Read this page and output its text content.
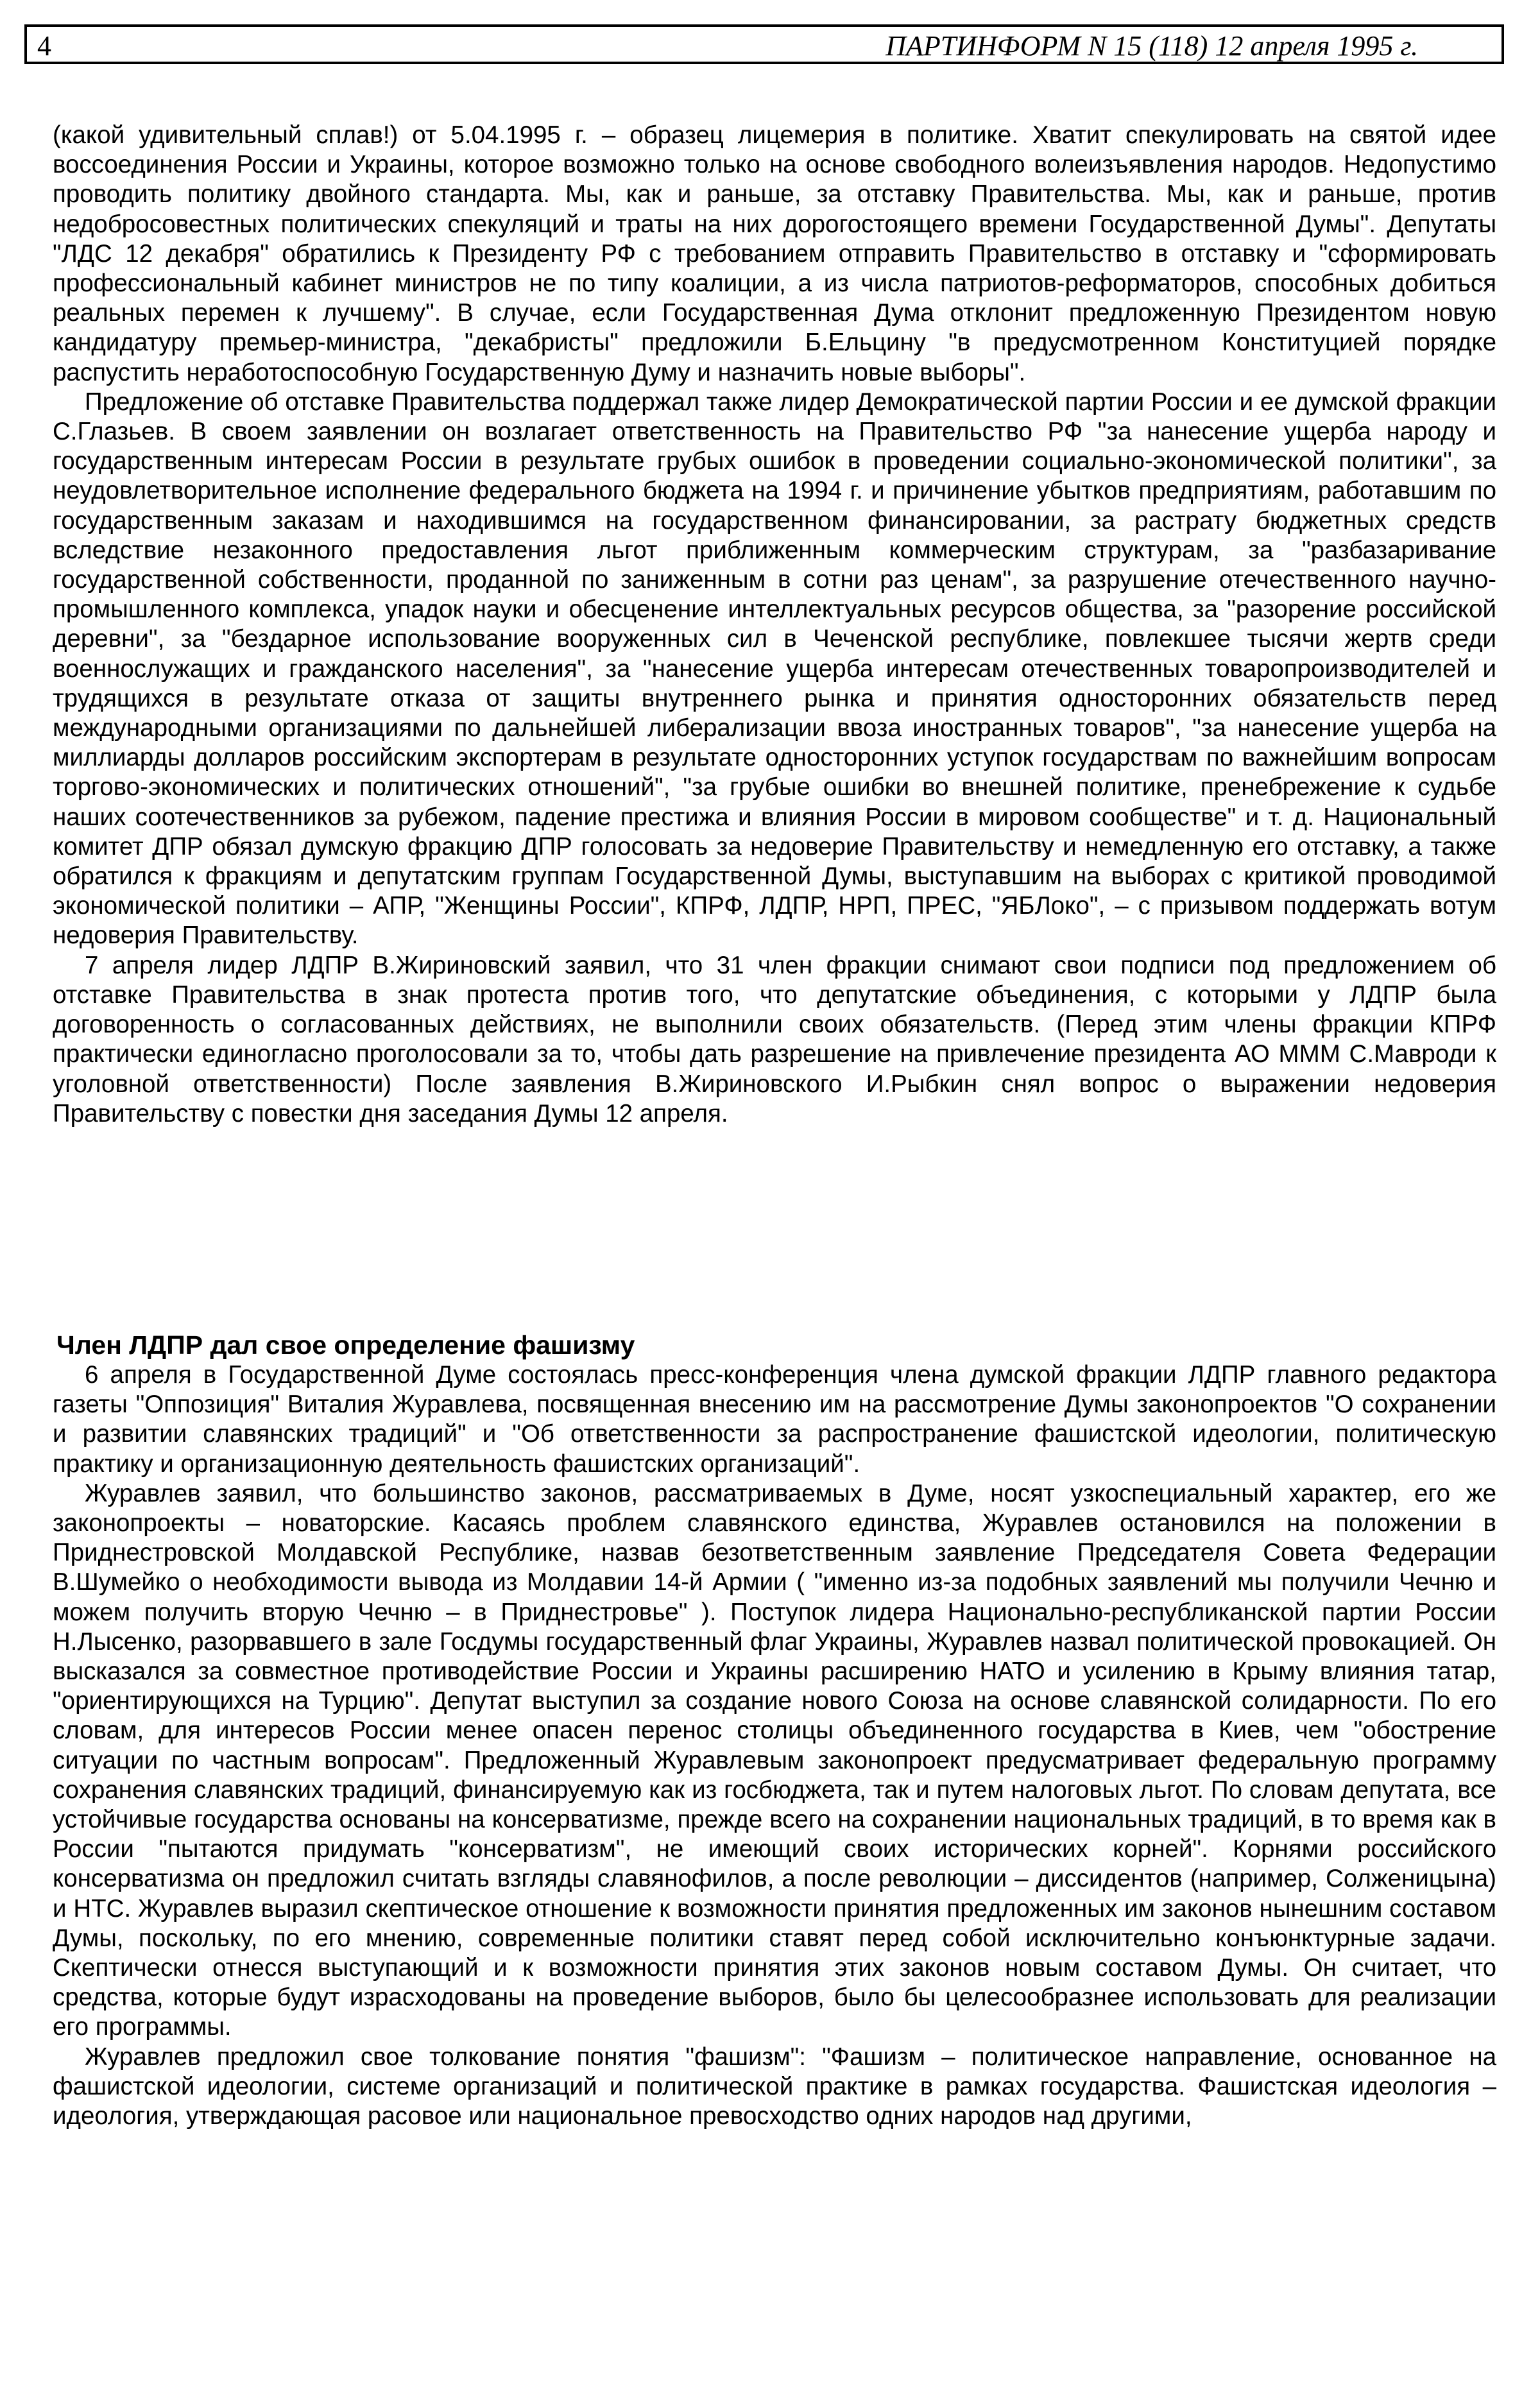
4	ПАРТИНФОРМ N 15 (118) 12 апреля 1995 г.

(какой удивительный сплав!) от 5.04.1995 г. – образец лицемерия в политике. Хватит спекулировать на святой идее воссоединения России и Украины, которое возможно только на основе свободного волеизъявления народов. Недопустимо проводить политику двойного стандарта. Мы, как и раньше, за отставку Правительства. Мы, как и раньше, против недобросовестных политических спекуляций и траты на них дорогостоящего времени Государственной Думы". Депутаты "ЛДС 12 декабря" обратились к Президенту РФ с требованием отправить Правительство в отставку и "сформировать профессиональный кабинет министров не по типу коалиции, а из числа патриотов-реформаторов, способных добиться реальных перемен к лучшему". В случае, если Государственная Дума отклонит предложенную Президентом новую кандидатуру премьер-министра, "декабристы" предложили Б.Ельцину "в предусмотренном Конституцией порядке распустить неработоспособную Государственную Думу и назначить новые выборы".

Предложение об отставке Правительства поддержал также лидер Демократической партии России и ее думской фракции С.Глазьев. В своем заявлении он возлагает ответственность на Правительство РФ "за нанесение ущерба народу и государственным интересам России в результате грубых ошибок в проведении социально-экономической политики", за неудовлетворительное исполнение федерального бюджета на 1994 г. и причинение убытков предприятиям, работавшим по государственным заказам и находившимся на государственном финансировании, за растрату бюджетных средств вследствие незаконного предоставления льгот приближенным коммерческим структурам, за "разбазаривание государственной собственности, проданной по заниженным в сотни раз ценам", за разрушение отечественного научно-промышленного комплекса, упадок науки и обесценение интеллектуальных ресурсов общества, за "разорение российской деревни", за "бездарное использование вооруженных сил в Чеченской республике, повлекшее тысячи жертв среди военнослужащих и гражданского населения", за "нанесение ущерба интересам отечественных товаропроизводителей и трудящихся в результате отказа от защиты внутреннего рынка и принятия односторонних обязательств перед международными организациями по дальнейшей либерализации ввоза иностранных товаров", "за нанесение ущерба на миллиарды долларов российским экспортерам в результате односторонних уступок государствам по важнейшим вопросам торгово-экономических и политических отношений", "за грубые ошибки во внешней политике, пренебрежение к судьбе наших соотечественников за рубежом, падение престижа и влияния России в мировом сообществе" и т. д. Национальный комитет ДПР обязал думскую фракцию ДПР голосовать за недоверие Правительству и немедленную его отставку, а также обратился к фракциям и депутатским группам Государственной Думы, выступавшим на выборах с критикой проводимой экономической политики – АПР, "Женщины России", КПРФ, ЛДПР, НРП, ПРЕС, "ЯБЛоко", – с призывом поддержать вотум недоверия Правительству.

7 апреля лидер ЛДПР В.Жириновский заявил, что 31 член фракции снимают свои подписи под предложением об отставке Правительства в знак протеста против того, что депутатские объединения, с которыми у ЛДПР была договоренность о согласованных действиях, не выполнили своих обязательств. (Перед этим члены фракции КПРФ практически единогласно проголосовали за то, чтобы дать разрешение на привлечение президента АО МММ С.Мавроди к уголовной ответственности) После заявления В.Жириновского И.Рыбкин снял вопрос о выражении недоверия Правительству с повестки дня заседания Думы 12 апреля.

Член ЛДПР дал свое определение фашизму

6 апреля в Государственной Думе состоялась пресс-конференция члена думской фракции ЛДПР главного редактора газеты "Оппозиция" Виталия Журавлева, посвященная внесению им на рассмотрение Думы законопроектов "О сохранении и развитии славянских традиций" и "Об ответственности за распространение фашистской идеологии, политическую практику и организационную деятельность фашистских организаций".

Журавлев заявил, что большинство законов, рассматриваемых в Думе, носят узкоспециальный характер, его же законопроекты – новаторские. Касаясь проблем славянского единства, Журавлев остановился на положении в Приднестровской Молдавской Республике, назвав безответственным заявление Председателя Совета Федерации В.Шумейко о необходимости вывода из Молдавии 14-й Армии ( "именно из-за подобных заявлений мы получили Чечню и можем получить вторую Чечню – в Приднестровье" ). Поступок лидера Национально-республиканской партии России Н.Лысенко, разорвавшего в зале Госдумы государственный флаг Украины, Журавлев назвал политической провокацией. Он высказался за совместное противодействие России и Украины расширению НАТО и усилению в Крыму влияния татар, "ориентирующихся на Турцию". Депутат выступил за создание нового Союза на основе славянской солидарности. По его словам, для интересов России менее опасен перенос столицы объединенного государства в Киев, чем "обострение ситуации по частным вопросам". Предложенный Журавлевым законопроект предусматривает федеральную программу сохранения славянских традиций, финансируемую как из госбюджета, так и путем налоговых льгот. По словам депутата, все устойчивые государства основаны на консерватизме, прежде всего на сохранении национальных традиций, в то время как в России "пытаются придумать "консерватизм", не имеющий своих исторических корней". Корнями российского консерватизма он предложил считать взгляды славянофилов, а после революции – диссидентов (например, Солженицына) и НТС. Журавлев выразил скептическое отношение к возможности принятия предложенных им законов нынешним составом Думы, поскольку, по его мнению, современные политики ставят перед собой исключительно конъюнктурные задачи. Скептически отнесся выступающий и к возможности принятия этих законов новым составом Думы. Он считает, что средства, которые будут израсходованы на проведение выборов, было бы целесообразнее использовать для реализации его программы.

Журавлев предложил свое толкование понятия "фашизм": "Фашизм – политическое направление, основанное на фашистской идеологии, системе организаций и политической практике в рамках государства. Фашистская идеология – идеология, утверждающая расовое или национальное превосходство одних народов над другими,
